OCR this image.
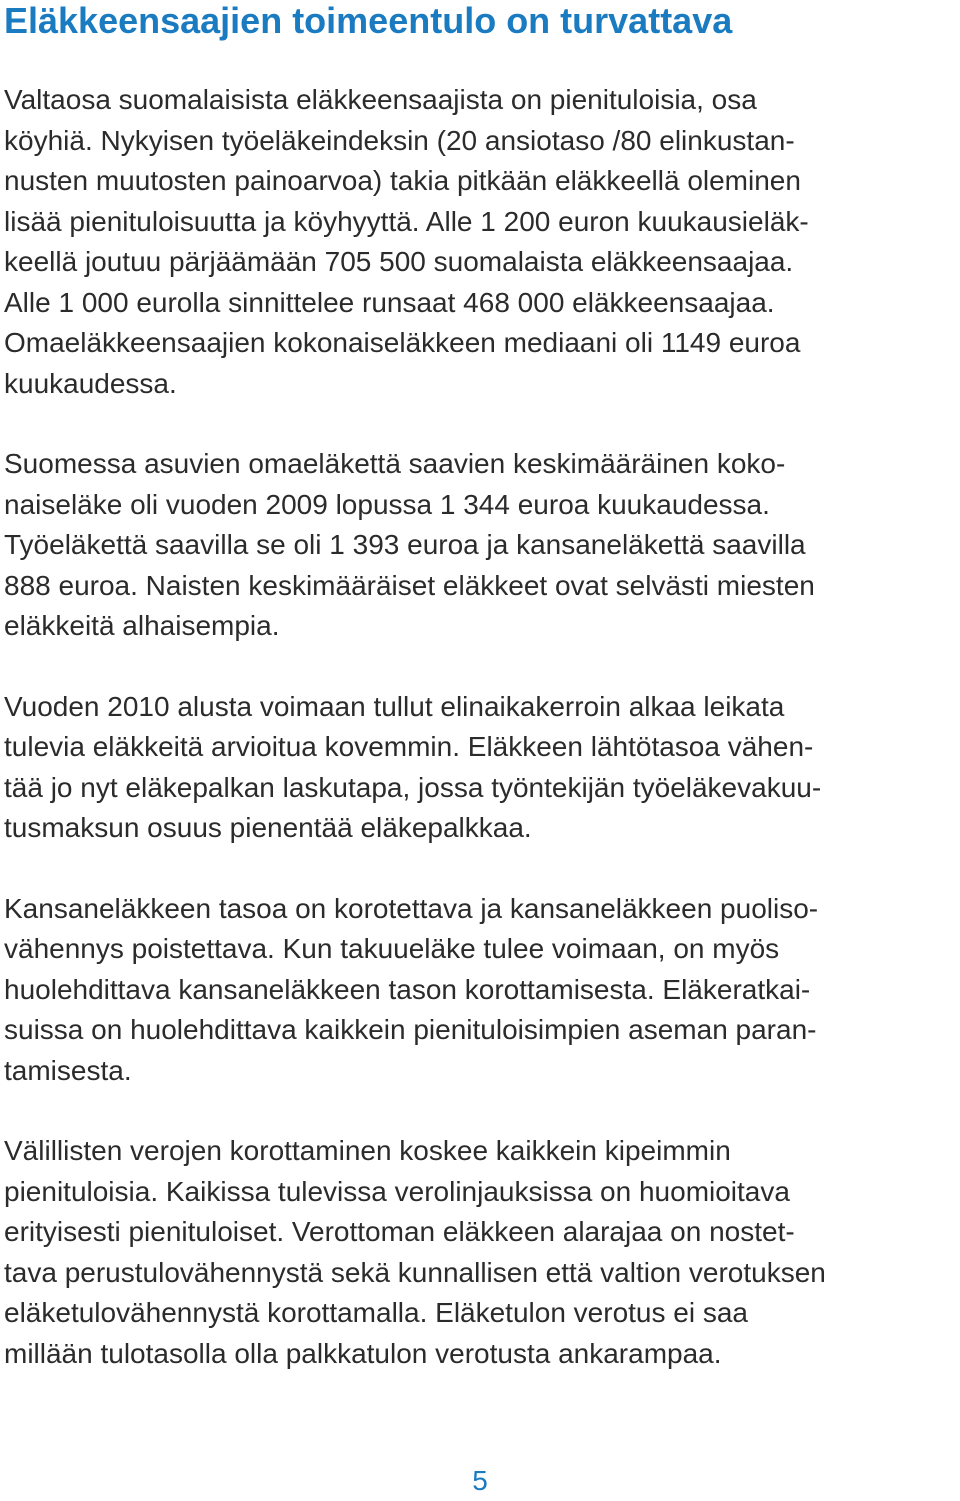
Eläkkeensaajien toimeentulo on turvattava

Valtaosa suomalaisista eläkkeensaajista on pienituloisia, osa
köyhiä. Nykyisen työeläkeindeksin (20 ansiotaso /80 elinkustan-
nusten muutosten painoarvoa) takia pitkään eläkkeellä oleminen
lisää pienituloisuutta ja köyhyyttä. Alle 1 200 euron kuukausieläk-
keellä joutuu pärjäämään 705 500 suomalaista eläkkeensaajaa.
Alle 1 000 eurolla sinnittelee runsaat 468 000 eläkkeensaajaa.
Omaeläkkeensaajien kokonaiseläkkeen mediaani oli 1149 euroa
kuukaudessa.

Suomessa asuvien omaeläkettä saavien keskimääräinen koko-
naiseläke oli vuoden 2009 lopussa 1 344 euroa kuukaudessa.
Työeläkettä saavilla se oli 1 393 euroa ja kansaneläkettä saavilla
888 euroa. Naisten keskimääräiset eläkkeet ovat selvästi miesten
eläkkeitä alhaisempia.

Vuoden 2010 alusta voimaan tullut elinaikakerroin alkaa leikata
tulevia eläkkeitä arvioitua kovemmin. Eläkkeen lähtötasoa vähen-
tää jo nyt eläkepalkan laskutapa, jossa työntekijän työeläkevakuu-
tusmaksun osuus pienentää eläkepalkkaa.

Kansaneläkkeen tasoa on korotettava ja kansaneläkkeen puoliso-
vähennys poistettava. Kun takuueläke tulee voimaan, on myös
huolehdittava kansaneläkkeen tason korottamisesta. Eläkeratkai-
suissa on huolehdittava kaikkein pienituloisimpien aseman paran-
tamisesta.

Välillisten verojen korottaminen koskee kaikkein kipeimmin
pienituloisia. Kaikissa tulevissa verolinjauksissa on huomioitava
erityisesti pienituloiset. Verottoman eläkkeen alarajaa on nostet-
tava perustulovähennystä sekä kunnallisen että valtion verotuksen
eläketulovähennystä korottamalla. Eläketulon verotus ei saa
millään tulotasolla olla palkkatulon verotusta ankarampaa.

5
